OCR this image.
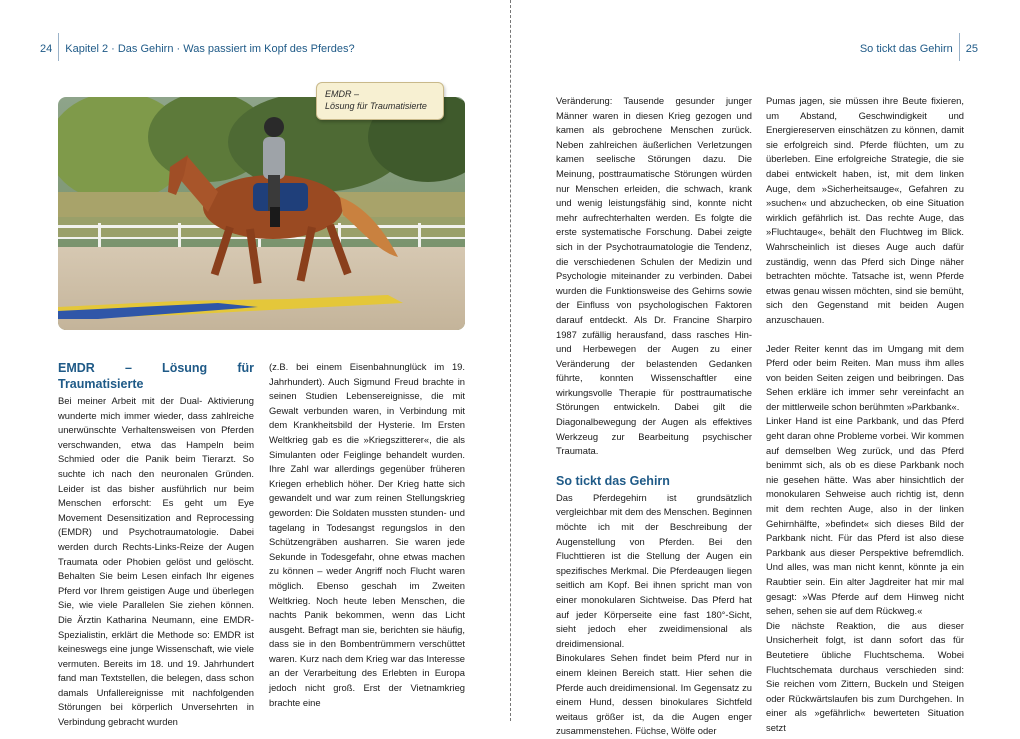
24 Kapitel 2 · Das Gehirn · Was passiert im Kopf des Pferdes?
EMDR –
Lösung für Traumatisierte
EMDR – Lösung für Traumatisierte

Bei meiner Arbeit mit der Dual- Aktivierung wunderte mich immer wieder, dass zahlreiche unerwünschte Verhaltensweisen von Pferden verschwanden, etwa das Hampeln beim Schmied oder die Panik beim Tierarzt. So suchte ich nach den neuronalen Gründen. Leider ist das bisher ausführlich nur beim Menschen erforscht: Es geht um Eye Movement Desensitization and Reprocessing (EMDR) und Psychotraumatologie. Dabei werden durch Rechts-Links-Reize der Augen Traumata oder Phobien gelöst und gelöscht. Behalten Sie beim Lesen einfach Ihr eigenes Pferd vor Ihrem geistigen Auge und überlegen Sie, wie viele Parallelen Sie ziehen können. Die Ärztin Katharina Neumann, eine EMDR-Spezialistin, erklärt die Methode so: EMDR ist keineswegs eine junge Wissenschaft, wie viele vermuten. Bereits im 18. und 19. Jahrhundert fand man Textstellen, die belegen, dass schon damals Unfallereignisse mit nachfolgenden Störungen bei körperlich Unversehrten in Verbindung gebracht wurden

(z.B. bei einem Eisenbahnunglück im 19. Jahrhundert). Auch Sigmund Freud brachte in seinen Studien Lebensereignisse, die mit Gewalt verbunden waren, in Verbindung mit dem Krankheitsbild der Hysterie. Im Ersten Weltkrieg gab es die »Kriegszitterer«, die als Simulanten oder Feiglinge behandelt wurden. Ihre Zahl war allerdings gegenüber früheren Kriegen erheblich höher. Der Krieg hatte sich gewandelt und war zum reinen Stellungskrieg geworden: Die Soldaten mussten stunden- und tagelang in Todesangst regungslos in den Schützengräben ausharren. Sie waren jede Sekunde in Todesgefahr, ohne etwas machen zu können – weder Angriff noch Flucht waren möglich. Ebenso geschah im Zweiten Weltkrieg. Noch heute leben Menschen, die nachts Panik bekommen, wenn das Licht ausgeht. Befragt man sie, berichten sie häufig, dass sie in den Bombentrümmern verschüttet waren. Kurz nach dem Krieg war das Interesse an der Verarbeitung des Erlebten in Europa jedoch nicht groß. Erst der Vietnamkrieg brachte eine

So tickt das Gehirn 25

Veränderung: Tausende gesunder junger Männer waren in diesen Krieg gezogen und kamen als gebrochene Menschen zurück. Neben zahlreichen äußerlichen Verletzungen kamen seelische Störungen dazu. Die Meinung, posttraumatische Störungen würden nur Menschen erleiden, die schwach, krank und wenig leistungsfähig sind, konnte nicht mehr aufrechterhalten werden. Es folgte die erste systematische Forschung. Dabei zeigte sich in der Psychotraumatologie die Tendenz, die verschiedenen Schulen der Medizin und Psychologie miteinander zu verbinden. Dabei wurden die Funktionsweise des Gehirns sowie der Einfluss von psychologischen Faktoren darauf entdeckt. Als Dr. Francine Sharpiro 1987 zufällig herausfand, dass rasches Hin- und Herbewegen der Augen zu einer Veränderung der belastenden Gedanken führte, konnten Wissenschaftler eine wirkungsvolle Therapie für posttraumatische Störungen entwickeln. Dabei gilt die Diagonalbewegung der Augen als effektives Werkzeug zur Bearbeitung psychischer Traumata.

So tickt das Gehirn

Das Pferdegehirn ist grundsätzlich vergleichbar mit dem des Menschen. Beginnen möchte ich mit der Beschreibung der Augenstellung von Pferden. Bei den Fluchttieren ist die Stellung der Augen ein spezifisches Merkmal. Die Pferdeaugen liegen seitlich am Kopf. Bei ihnen spricht man von einer monokularen Sichtweise. Das Pferd hat auf jeder Körperseite eine fast 180°-Sicht, sieht jedoch eher zweidimensional als dreidimensional.

Binokulares Sehen findet beim Pferd nur in einem kleinen Bereich statt. Hier sehen die Pferde auch dreidimensional. Im Gegensatz zu einem Hund, dessen binokulares Sichtfeld weitaus größer ist, da die Augen enger zusammenstehen. Füchse, Wölfe oder

Pumas jagen, sie müssen ihre Beute fixieren, um Abstand, Geschwindigkeit und Energiereserven einschätzen zu können, damit sie erfolgreich sind. Pferde flüchten, um zu überleben. Eine erfolgreiche Strategie, die sie dabei entwickelt haben, ist, mit dem linken Auge, dem »Sicherheitsauge«, Gefahren zu »suchen« und abzuchecken, ob eine Situation wirklich gefährlich ist. Das rechte Auge, das »Fluchtauge«, behält den Fluchtweg im Blick. Wahrscheinlich ist dieses Auge auch dafür zuständig, wenn das Pferd sich Dinge näher betrachten möchte. Tatsache ist, wenn Pferde etwas genau wissen möchten, sind sie bemüht, sich den Gegenstand mit beiden Augen anzuschauen.

Jeder Reiter kennt das im Umgang mit dem Pferd oder beim Reiten. Man muss ihm alles von beiden Seiten zeigen und beibringen. Das Sehen erkläre ich immer sehr vereinfacht an der mittlerweile schon berühmten »Parkbank«.

Linker Hand ist eine Parkbank, und das Pferd geht daran ohne Probleme vorbei. Wir kommen auf demselben Weg zurück, und das Pferd benimmt sich, als ob es diese Parkbank noch nie gesehen hätte. Was aber hinsichtlich der monokularen Sehweise auch richtig ist, denn mit dem rechten Auge, also in der linken Gehirnhälfte, »befindet« sich dieses Bild der Parkbank nicht. Für das Pferd ist also diese Parkbank aus dieser Perspektive befremdlich. Und alles, was man nicht kennt, könnte ja ein Raubtier sein. Ein alter Jagdreiter hat mir mal gesagt: »Was Pferde auf dem Hinweg nicht sehen, sehen sie auf dem Rückweg.«

Die nächste Reaktion, die aus dieser Unsicherheit folgt, ist dann sofort das für Beutetiere übliche Fluchtschema. Wobei Fluchtschemata durchaus verschieden sind: Sie reichen vom Zittern, Buckeln und Steigen oder Rückwärtslaufen bis zum Durchgehen. In einer als »gefährlich« bewerteten Situation setzt
